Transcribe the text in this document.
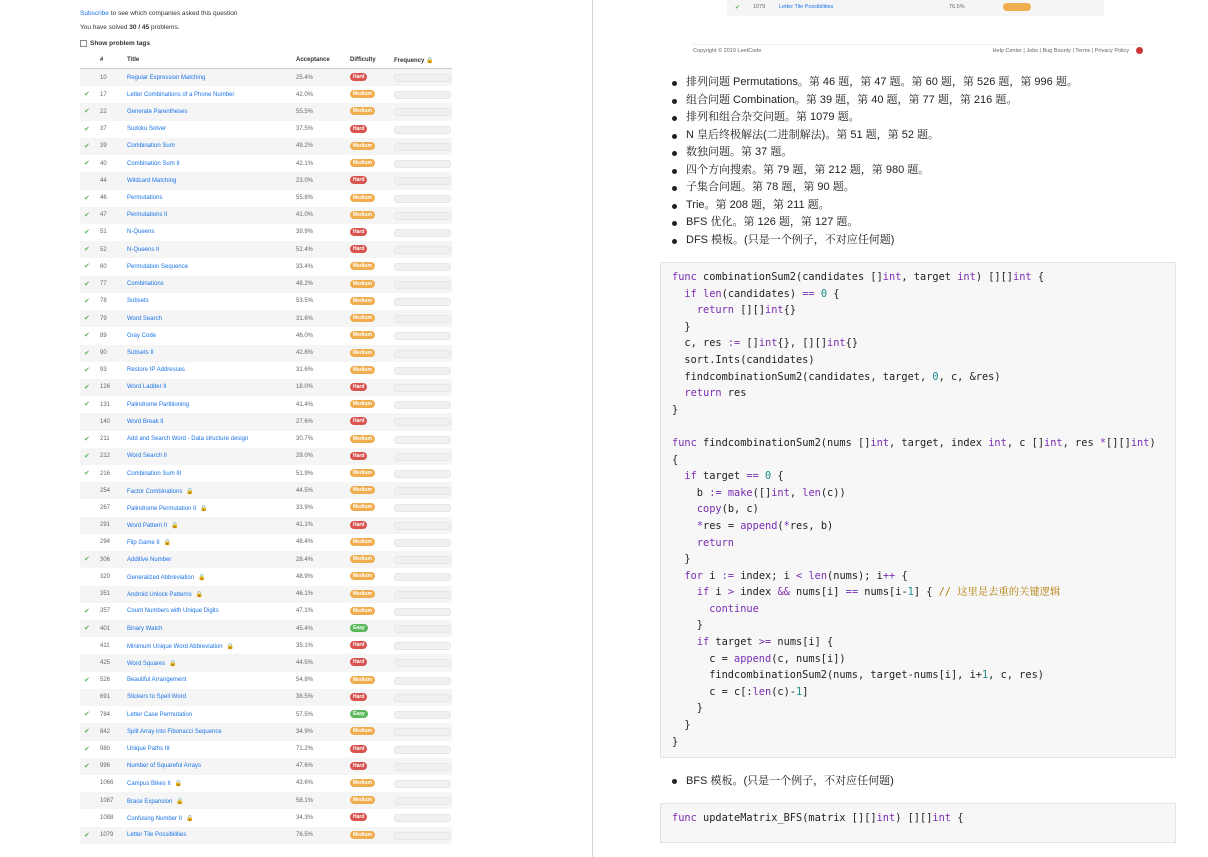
Subscribe to see which companies asked this question
You have solved 30 / 45 problems.
Show problem tags
#	Title	Acceptance	Difficulty	Frequency 🔒
10	Regular Expression Matching	25.4%	Hard
✔ 17	Letter Combinations of a Phone Number	42.0%	Medium
✔ 22	Generate Parentheses	55.5%	Medium
✔ 37	Sudoku Solver	37.5%	Hard
✔ 39	Combination Sum	49.2%	Medium
✔ 40	Combination Sum II	42.1%	Medium
44	Wildcard Matching	23.0%	Hard
✔ 46	Permutations	55.8%	Medium
✔ 47	Permutations II	41.0%	Medium
✔ 51	N-Queens	39.9%	Hard
✔ 52	N-Queens II	52.4%	Hard
✔ 60	Permutation Sequence	33.4%	Medium
✔ 77	Combinations	48.2%	Medium
✔ 78	Subsets	53.5%	Medium
✔ 79	Word Search	31.6%	Medium
✔ 89	Gray Code	46.0%	Medium
✔ 90	Subsets II	42.8%	Medium
✔ 93	Restore IP Addresses	31.6%	Medium
✔ 126	Word Ladder II	18.0%	Hard
✔ 131	Palindrome Partitioning	41.4%	Medium
140	Word Break II	27.6%	Hard
✔ 211	Add and Search Word - Data structure design	30.7%	Medium
✔ 212	Word Search II	29.0%	Hard
✔ 216	Combination Sum III	51.9%	Medium
254	Factor Combinations 🔒	44.5%	Medium
267	Palindrome Permutation II 🔒	33.9%	Medium
291	Word Pattern II 🔒	41.1%	Hard
294	Flip Game II 🔒	48.4%	Medium
✔ 306	Additive Number	28.4%	Medium
320	Generalized Abbreviation 🔒	48.9%	Medium
351	Android Unlock Patterns 🔒	46.1%	Medium
✔ 357	Count Numbers with Unique Digits	47.1%	Medium
✔ 401	Binary Watch	45.4%	Easy
411	Minimum Unique Word Abbreviation 🔒	35.1%	Hard
425	Word Squares 🔒	44.5%	Hard
✔ 526	Beautiful Arrangement	54.8%	Medium
691	Stickers to Spell Word	38.5%	Hard
✔ 784	Letter Case Permutation	57.5%	Easy
✔ 842	Split Array into Fibonacci Sequence	34.9%	Medium
✔ 980	Unique Paths III	71.2%	Hard
✔ 996	Number of Squareful Arrays	47.6%	Hard
1066 Campus Bikes II 🔒	43.6%	Medium
1087 Brace Expansion 🔒	58.1%	Medium
1088 Confusing Number II 🔒	34.3%	Hard
✔ 1079 Letter Tile Possibilities	76.5%	Medium
✔ 1079	Letter Tile Possibilities	76.5%
Copyright © 2019 LeetCode	Help Center | Jobs | Bug Bounty | Terms | Privacy Policy
排列问题 Permutations。第 46 题，第 47 题。第 60 题，第 526 题，第 996 题。
组合问题 Combination。第 39 题，第 40 题，第 77 题，第 216 题。
排列和组合杂交问题。第 1079 题。
N 皇后终极解法(二进制解法)。第 51 题，第 52 题。
数独问题。第 37 题。
四个方向搜索。第 79 题，第 212 题，第 980 题。
子集合问题。第 78 题，第 90 题。
Trie。第 208 题，第 211 题。
BFS 优化。第 126 题，第 127 题。
DFS 模板。(只是一个例子，不对应任何题)
func combinationSum2(candidates []int, target int) [][]int {
if len(candidates) == 0 {
return [][]int{}
}
c, res := []int{}, [][]int{}
sort.Ints(candidates)
findcombinationSum2(candidates, target, 0, c, &res)
return res
}

func findcombinationSum2(nums []int, target, index int, c []int, res *[][]int)
{
if target == 0 {
b := make([]int, len(c))
copy(b, c)
*res = append(*res, b)
return
}
for i := index; i < len(nums); i++ {
if i > index && nums[i] == nums[i-1] { // 这里是去重的关键逻辑
continue
}
if target >= nums[i] {
c = append(c, nums[i])
findcombinationSum2(nums, target-nums[i], i+1, c, res)
c = c[:len(c)-1]
}
}
}
BFS 模板。(只是一个例子，不对应任何题)
func updateMatrix_BFS(matrix [][]int) [][]int {
